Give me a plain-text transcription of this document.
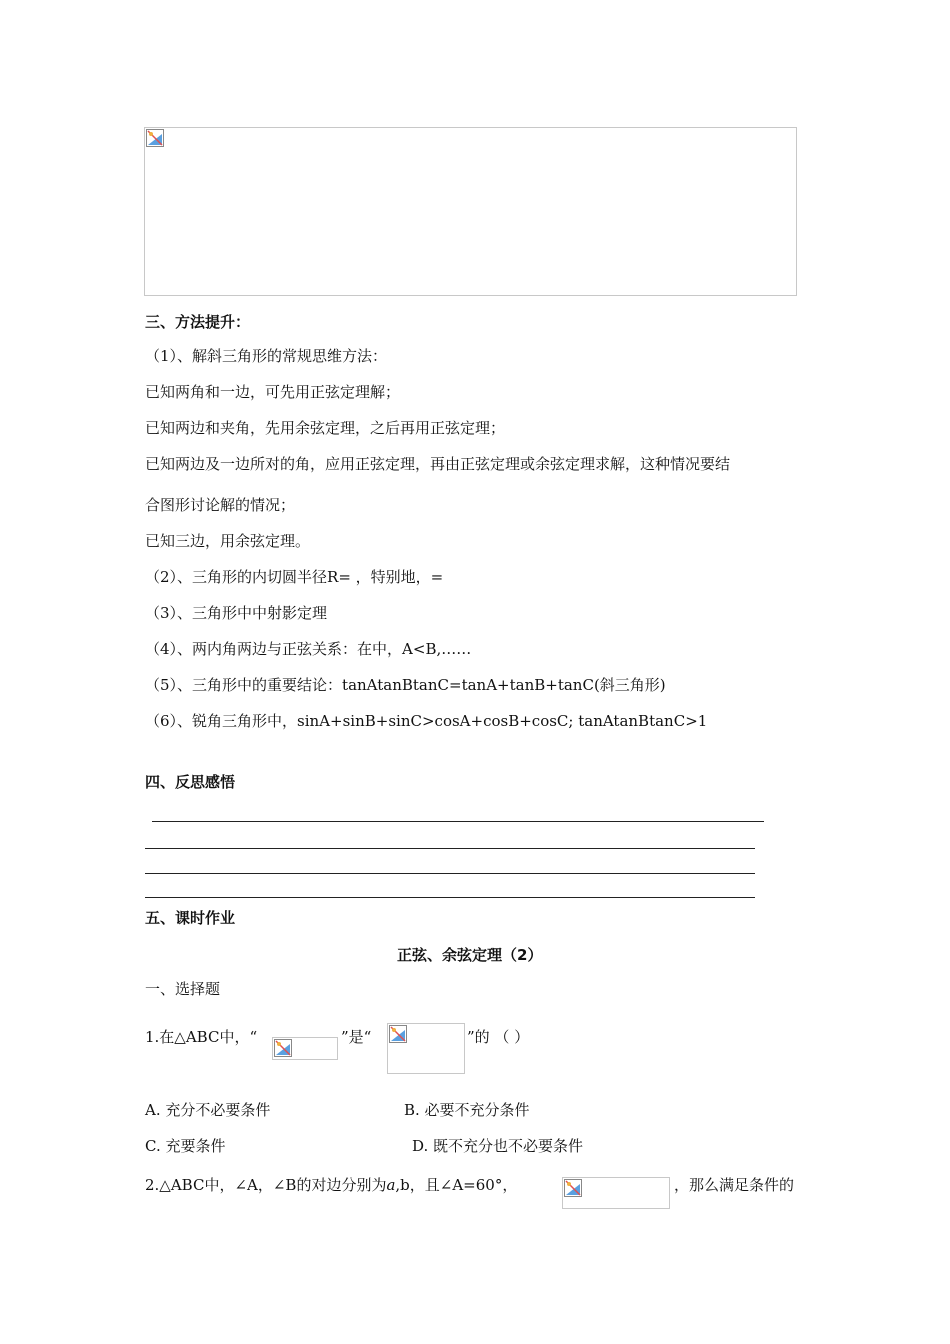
三、方法提升：
（1）、解斜三角形的常规思维方法：
已知两角和一边，可先用正弦定理解；
已知两边和夹角，先用余弦定理，之后再用正弦定理；
已知两边及一边所对的角，应用正弦定理，再由正弦定理或余弦定理求解，这种情况要结
合图形讨论解的情况；
已知三边，用余弦定理。
（2）、三角形的内切圆半径R= ，特别地，=
（3）、三角形中中射影定理
（4）、两内角两边与正弦关系：在中，A<B,……
（5）、三角形中的重要结论：tanAtanBtanC=tanA+tanB+tanC(斜三角形)
（6）、锐角三角形中，sinA+sinB+sinC>cosA+cosB+cosC; tanAtanBtanC>1
四、反思感悟
五、课时作业
正弦、余弦定理（2）
一、选择题
1.在△ABC中，“	”是“	”的 （ ）
A. 充分不必要条件	B. 必要不充分条件
C. 充要条件	D. 既不充分也不必要条件
2.△ABC中，∠A，∠B的对边分别为a,b，且∠A=60°，	，那么满足条件的
